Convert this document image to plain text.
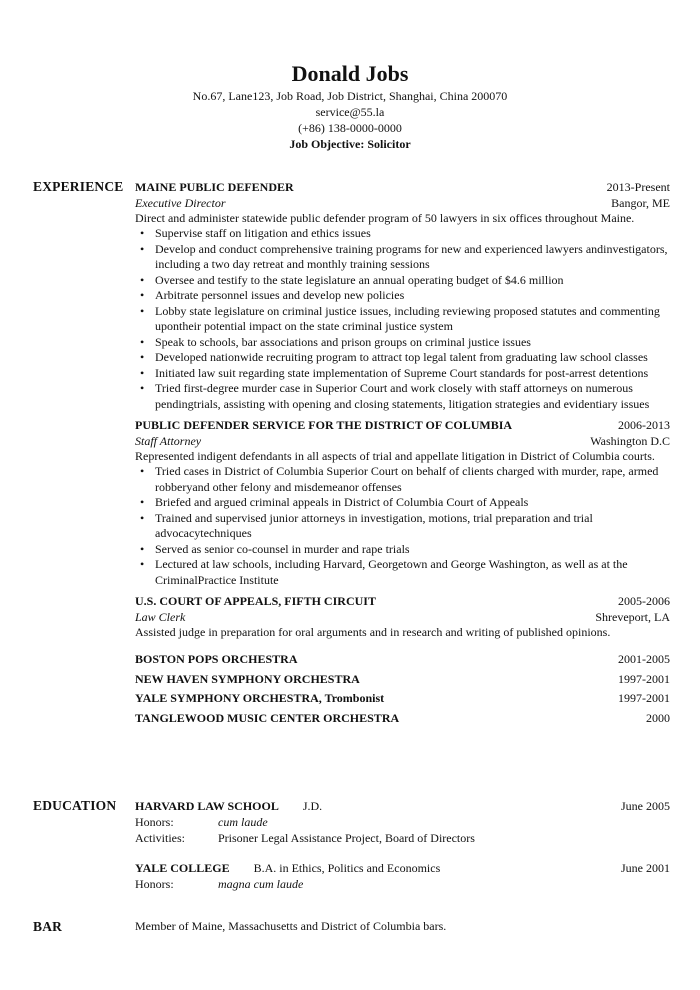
Donald Jobs
No.67, Lane123, Job Road, Job District, Shanghai, China 200070
service@55.la
(+86) 138-0000-0000
Job Objective: Solicitor
EXPERIENCE MAINE PUBLIC DEFENDER	2013-Present
Executive Director	Bangor, ME
Direct and administer statewide public defender program of 50 lawyers in six offices throughout Maine.
• Supervise staff on litigation and ethics issues
• Develop and conduct comprehensive training programs for new and experienced lawyers andinvestigators, including a two day retreat and monthly training sessions
• Oversee and testify to the state legislature an annual operating budget of $4.6 million
• Arbitrate personnel issues and develop new policies
• Lobby state legislature on criminal justice issues, including reviewing proposed statutes and commenting upontheir potential impact on the state criminal justice system
• Speak to schools, bar associations and prison groups on criminal justice issues
• Developed nationwide recruiting program to attract top legal talent from graduating law school classes
• Initiated law suit regarding state implementation of Supreme Court standards for post-arrest detentions
• Tried first-degree murder case in Superior Court and work closely with staff attorneys on numerous pendingtrials, assisting with opening and closing statements, litigation strategies and evidentiary issues
PUBLIC DEFENDER SERVICE FOR THE DISTRICT OF COLUMBIA	2006-2013
Staff Attorney	Washington D.C
Represented indigent defendants in all aspects of trial and appellate litigation in District of Columbia courts.
• Tried cases in District of Columbia Superior Court on behalf of clients charged with murder, rape, armed robberyand other felony and misdemeanor offenses
• Briefed and argued criminal appeals in District of Columbia Court of Appeals
• Trained and supervised junior attorneys in investigation, motions, trial preparation and trial advocacytechniques
• Served as senior co-counsel in murder and rape trials
• Lectured at law schools, including Harvard, Georgetown and George Washington, as well as at the CriminalPractice Institute
U.S. COURT OF APPEALS, FIFTH CIRCUIT	2005-2006
Law Clerk	Shreveport, LA
Assisted judge in preparation for oral arguments and in research and writing of published opinions.
BOSTON POPS ORCHESTRA	2001-2005
NEW HAVEN SYMPHONY ORCHESTRA	1997-2001
YALE SYMPHONY ORCHESTRA, Trombonist	1997-2001
TANGLEWOOD MUSIC CENTER ORCHESTRA	2000
EDUCATION HARVARD LAW SCHOOL J.D.	June 2005
Honors:	cum laude
Activities:	Prisoner Legal Assistance Project, Board of Directors
YALE COLLEGE B.A. in Ethics, Politics and Economics	June 2001
Honors:	magna cum laude
BAR	Member of Maine, Massachusetts and District of Columbia bars.
